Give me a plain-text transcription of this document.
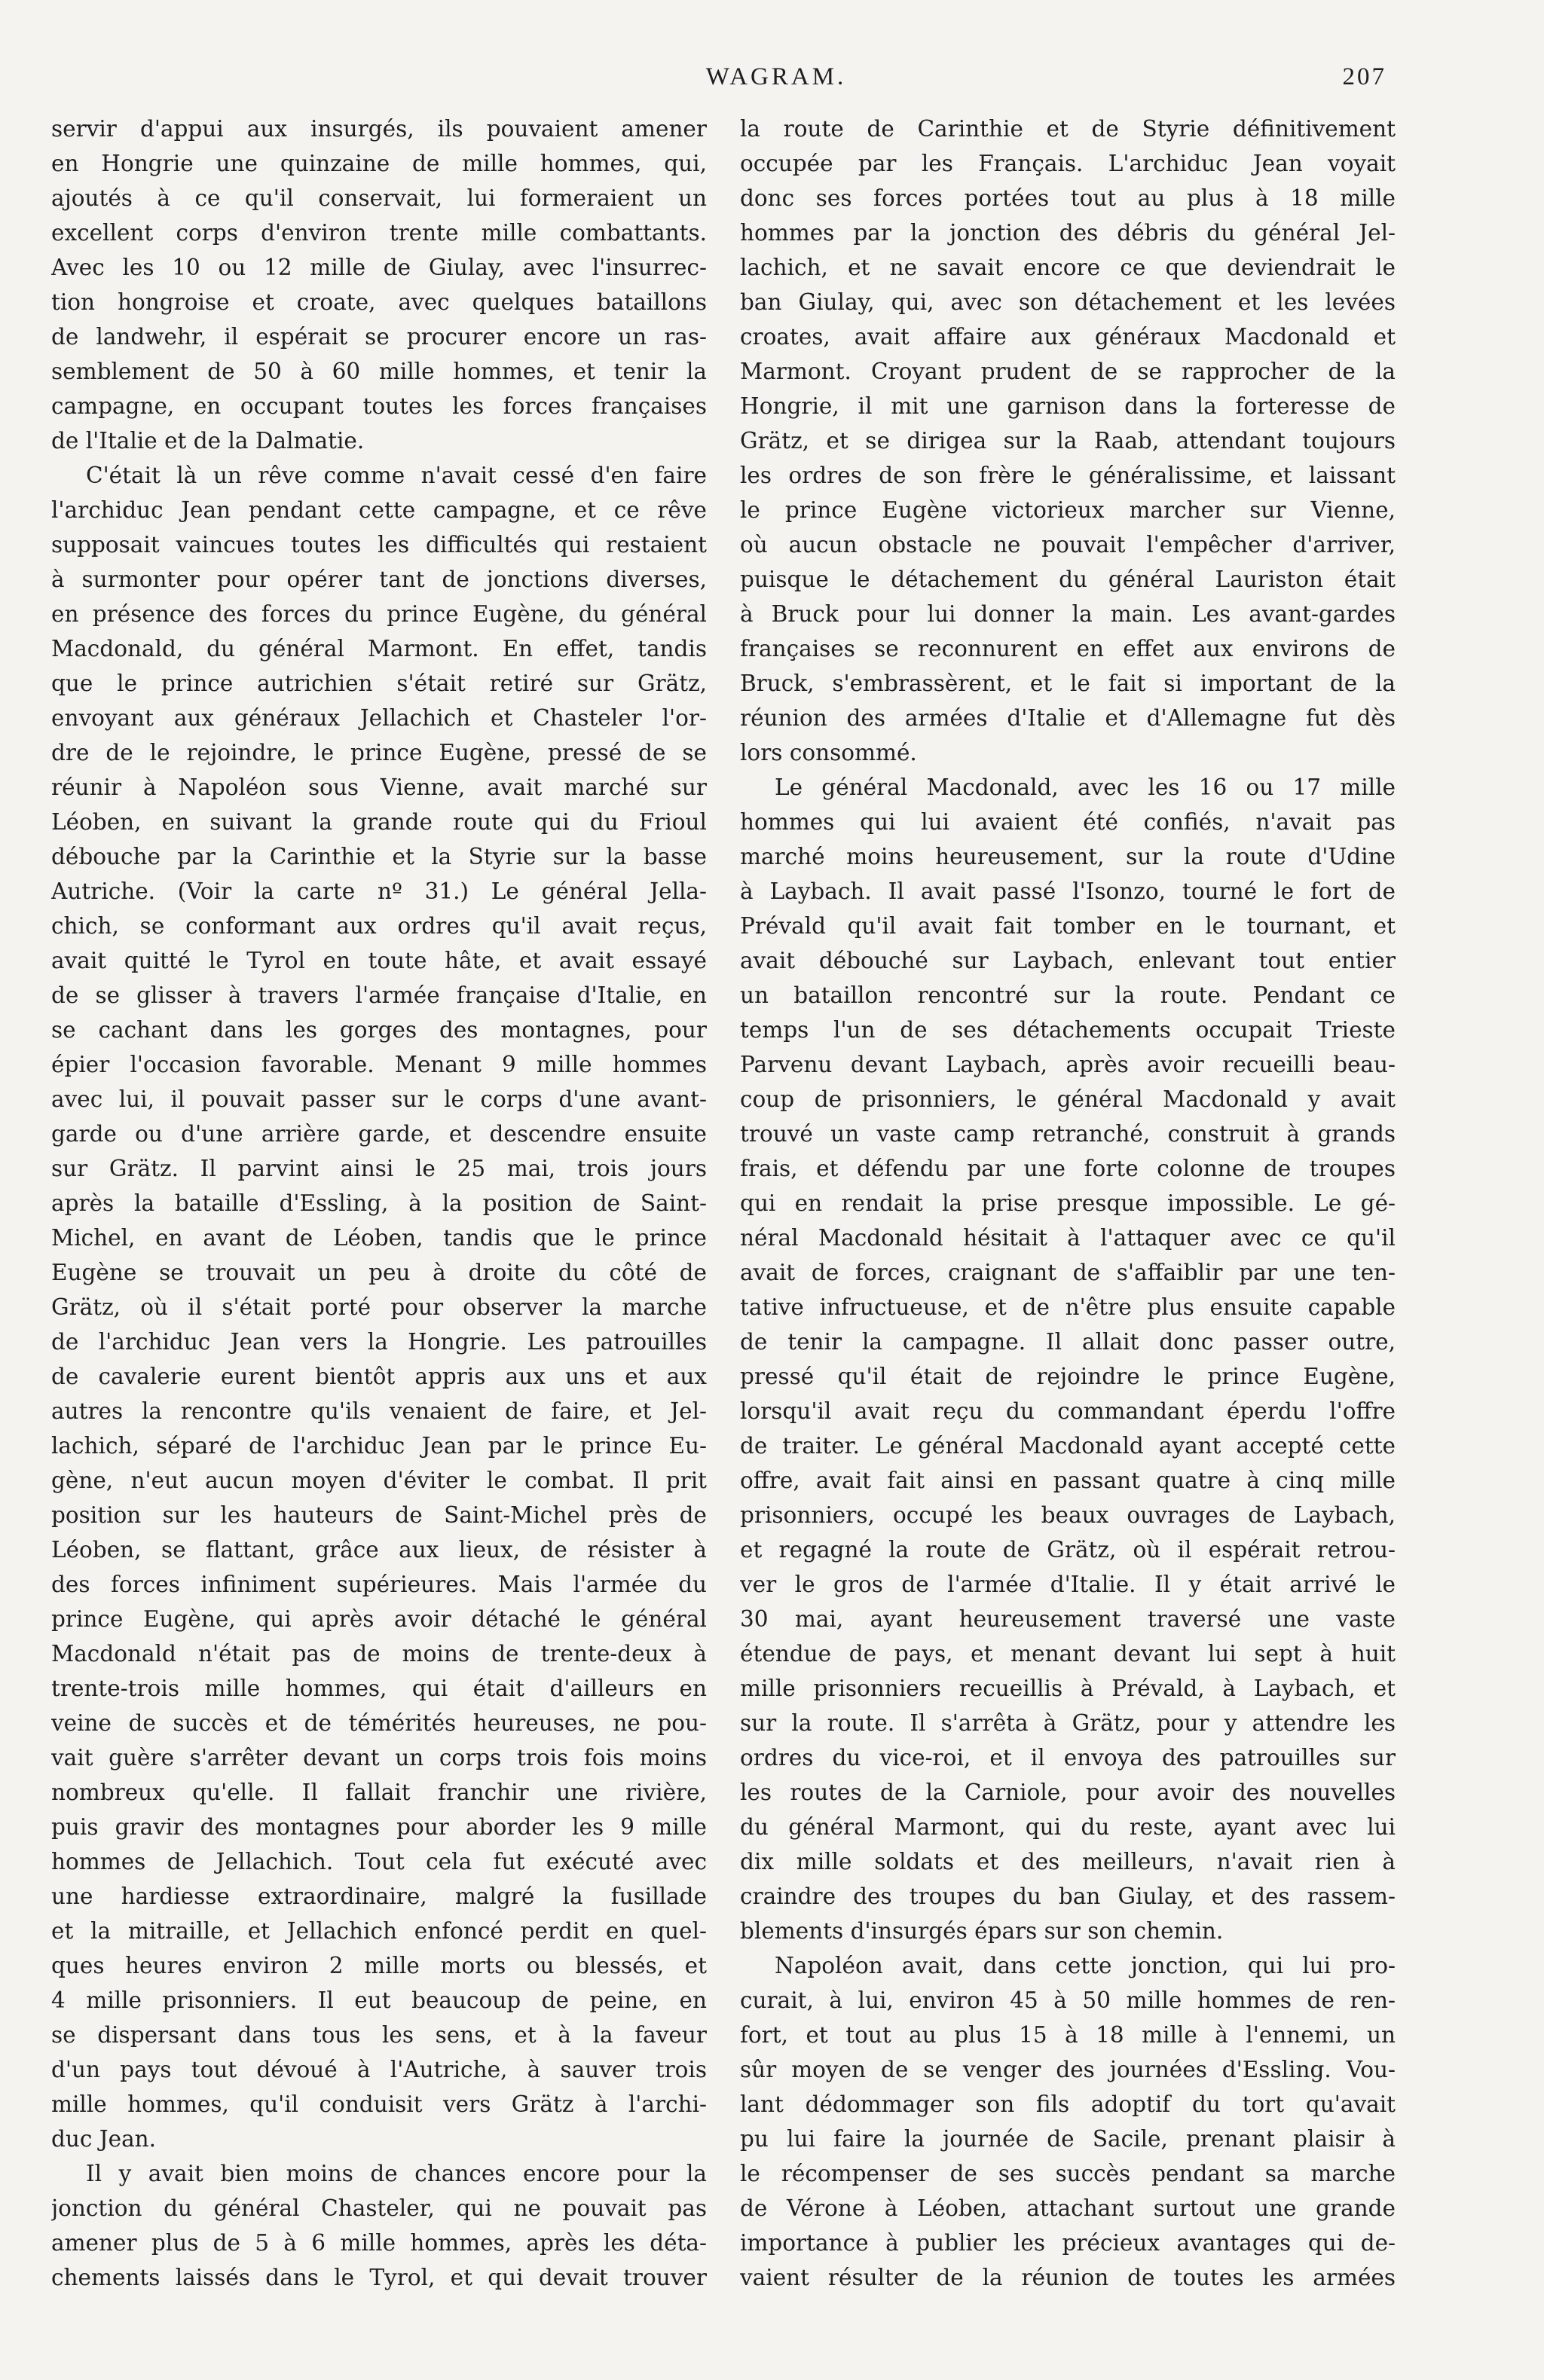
WAGRAM.	207
servir d'appui aux insurgés, ils pouvaient amener
en Hongrie une quinzaine de mille hommes, qui,
ajoutés à ce qu'il conservait, lui formeraient un
excellent corps d'environ trente mille combattants.
Avec les 10 ou 12 mille de Giulay, avec l'insurrec-
tion hongroise et croate, avec quelques bataillons
de landwehr, il espérait se procurer encore un ras-
semblement de 50 à 60 mille hommes, et tenir la
campagne, en occupant toutes les forces françaises
de l'Italie et de la Dalmatie.
C'était là un rêve comme n'avait cessé d'en faire
l'archiduc Jean pendant cette campagne, et ce rêve
supposait vaincues toutes les difficultés qui restaient
à surmonter pour opérer tant de jonctions diverses,
en présence des forces du prince Eugène, du général
Macdonald, du général Marmont. En effet, tandis
que le prince autrichien s'était retiré sur Grätz,
envoyant aux généraux Jellachich et Chasteler l'or-
dre de le rejoindre, le prince Eugène, pressé de se
réunir à Napoléon sous Vienne, avait marché sur
Léoben, en suivant la grande route qui du Frioul
débouche par la Carinthie et la Styrie sur la basse
Autriche. (Voir la carte nº 31.) Le général Jella-
chich, se conformant aux ordres qu'il avait reçus,
avait quitté le Tyrol en toute hâte, et avait essayé
de se glisser à travers l'armée française d'Italie, en
se cachant dans les gorges des montagnes, pour
épier l'occasion favorable. Menant 9 mille hommes
avec lui, il pouvait passer sur le corps d'une avant-
garde ou d'une arrière garde, et descendre ensuite
sur Grätz. Il parvint ainsi le 25 mai, trois jours
après la bataille d'Essling, à la position de Saint-
Michel, en avant de Léoben, tandis que le prince
Eugène se trouvait un peu à droite du côté de
Grätz, où il s'était porté pour observer la marche
de l'archiduc Jean vers la Hongrie. Les patrouilles
de cavalerie eurent bientôt appris aux uns et aux
autres la rencontre qu'ils venaient de faire, et Jel-
lachich, séparé de l'archiduc Jean par le prince Eu-
gène, n'eut aucun moyen d'éviter le combat. Il prit
position sur les hauteurs de Saint-Michel près de
Léoben, se flattant, grâce aux lieux, de résister à
des forces infiniment supérieures. Mais l'armée du
prince Eugène, qui après avoir détaché le général
Macdonald n'était pas de moins de trente-deux à
trente-trois mille hommes, qui était d'ailleurs en
veine de succès et de témérités heureuses, ne pou-
vait guère s'arrêter devant un corps trois fois moins
nombreux qu'elle. Il fallait franchir une rivière,
puis gravir des montagnes pour aborder les 9 mille
hommes de Jellachich. Tout cela fut exécuté avec
une hardiesse extraordinaire, malgré la fusillade
et la mitraille, et Jellachich enfoncé perdit en quel-
ques heures environ 2 mille morts ou blessés, et
4 mille prisonniers. Il eut beaucoup de peine, en
se dispersant dans tous les sens, et à la faveur
d'un pays tout dévoué à l'Autriche, à sauver trois
mille hommes, qu'il conduisit vers Grätz à l'archi-
duc Jean.
Il y avait bien moins de chances encore pour la
jonction du général Chasteler, qui ne pouvait pas
amener plus de 5 à 6 mille hommes, après les déta-
chements laissés dans le Tyrol, et qui devait trouver
la route de Carinthie et de Styrie définitivement
occupée par les Français. L'archiduc Jean voyait
donc ses forces portées tout au plus à 18 mille
hommes par la jonction des débris du général Jel-
lachich, et ne savait encore ce que deviendrait le
ban Giulay, qui, avec son détachement et les levées
croates, avait affaire aux généraux Macdonald et
Marmont. Croyant prudent de se rapprocher de la
Hongrie, il mit une garnison dans la forteresse de
Grätz, et se dirigea sur la Raab, attendant toujours
les ordres de son frère le généralissime, et laissant
le prince Eugène victorieux marcher sur Vienne,
où aucun obstacle ne pouvait l'empêcher d'arriver,
puisque le détachement du général Lauriston était
à Bruck pour lui donner la main. Les avant-gardes
françaises se reconnurent en effet aux environs de
Bruck, s'embrassèrent, et le fait si important de la
réunion des armées d'Italie et d'Allemagne fut dès
lors consommé.
Le général Macdonald, avec les 16 ou 17 mille
hommes qui lui avaient été confiés, n'avait pas
marché moins heureusement, sur la route d'Udine
à Laybach. Il avait passé l'Isonzo, tourné le fort de
Prévald qu'il avait fait tomber en le tournant, et
avait débouché sur Laybach, enlevant tout entier
un bataillon rencontré sur la route. Pendant ce
temps l'un de ses détachements occupait Trieste
Parvenu devant Laybach, après avoir recueilli beau-
coup de prisonniers, le général Macdonald y avait
trouvé un vaste camp retranché, construit à grands
frais, et défendu par une forte colonne de troupes
qui en rendait la prise presque impossible. Le gé-
néral Macdonald hésitait à l'attaquer avec ce qu'il
avait de forces, craignant de s'affaiblir par une ten-
tative infructueuse, et de n'être plus ensuite capable
de tenir la campagne. Il allait donc passer outre,
pressé qu'il était de rejoindre le prince Eugène,
lorsqu'il avait reçu du commandant éperdu l'offre
de traiter. Le général Macdonald ayant accepté cette
offre, avait fait ainsi en passant quatre à cinq mille
prisonniers, occupé les beaux ouvrages de Laybach,
et regagné la route de Grätz, où il espérait retrou-
ver le gros de l'armée d'Italie. Il y était arrivé le
30 mai, ayant heureusement traversé une vaste
étendue de pays, et menant devant lui sept à huit
mille prisonniers recueillis à Prévald, à Laybach, et
sur la route. Il s'arrêta à Grätz, pour y attendre les
ordres du vice-roi, et il envoya des patrouilles sur
les routes de la Carniole, pour avoir des nouvelles
du général Marmont, qui du reste, ayant avec lui
dix mille soldats et des meilleurs, n'avait rien à
craindre des troupes du ban Giulay, et des rassem-
blements d'insurgés épars sur son chemin.
Napoléon avait, dans cette jonction, qui lui pro-
curait, à lui, environ 45 à 50 mille hommes de ren-
fort, et tout au plus 15 à 18 mille à l'ennemi, un
sûr moyen de se venger des journées d'Essling. Vou-
lant dédommager son fils adoptif du tort qu'avait
pu lui faire la journée de Sacile, prenant plaisir à
le récompenser de ses succès pendant sa marche
de Vérone à Léoben, attachant surtout une grande
importance à publier les précieux avantages qui de-
vaient résulter de la réunion de toutes les armées
